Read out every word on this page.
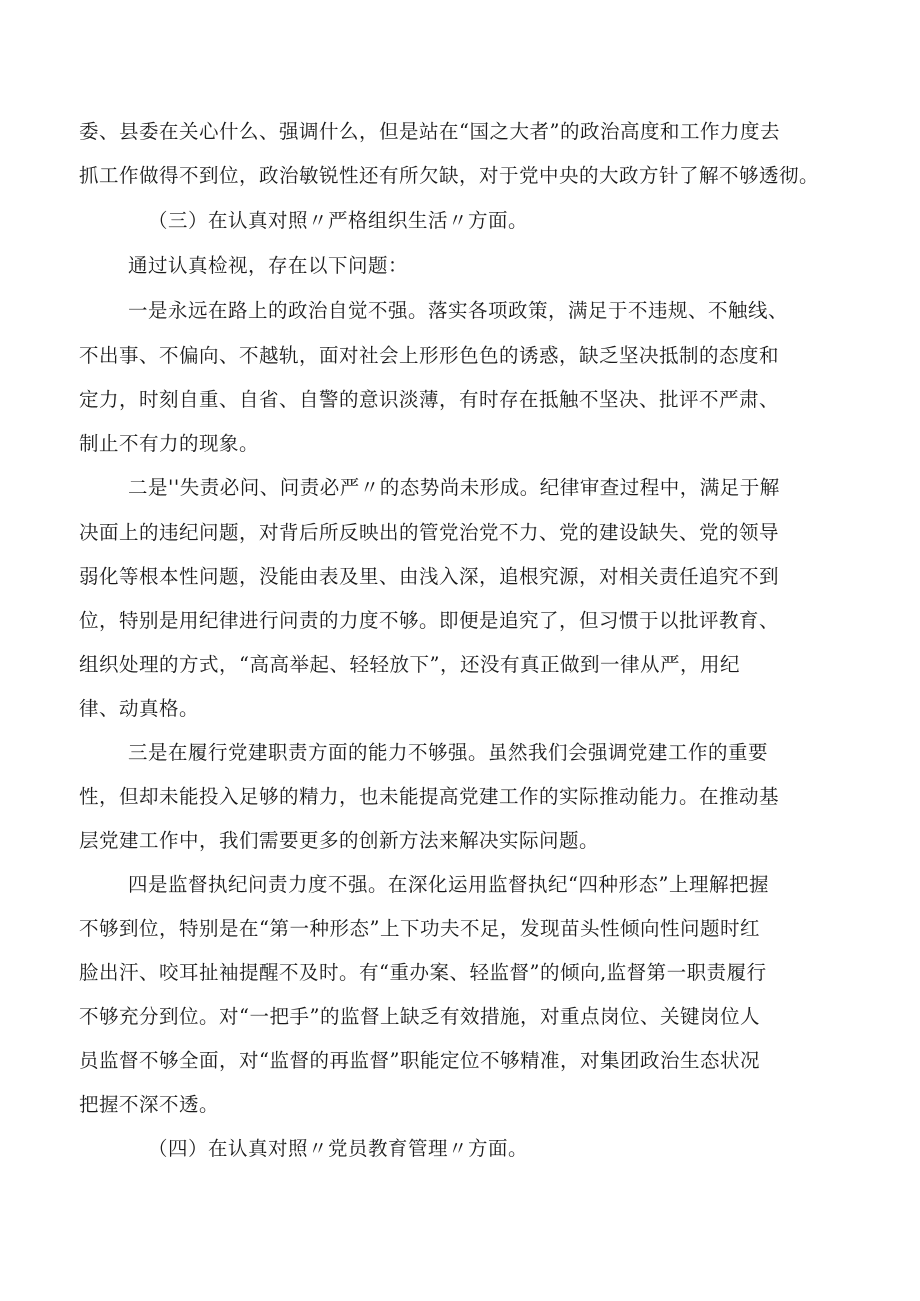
委、县委在关心什么、强调什么，但是站在“国之大者”的政治高度和工作力度去
抓工作做得不到位，政治敏锐性还有所欠缺，对于党中央的大政方针了解不够透彻。
（三）在认真对照〃严格组织生活〃方面。
通过认真检视，存在以下问题：
一是永远在路上的政治自觉不强。落实各项政策，满足于不违规、不触线、
不出事、不偏向、不越轨，面对社会上形形色色的诱惑，缺乏坚决抵制的态度和
定力，时刻自重、自省、自警的意识淡薄，有时存在抵触不坚决、批评不严肃、
制止不有力的现象。
二是''失责必问、问责必严〃的态势尚未形成。纪律审查过程中，满足于解
决面上的违纪问题，对背后所反映出的管党治党不力、党的建设缺失、党的领导
弱化等根本性问题，没能由表及里、由浅入深，追根究源，对相关责任追究不到
位，特别是用纪律进行问责的力度不够。即便是追究了，但习惯于以批评教育、
组织处理的方式，“高高举起、轻轻放下”，还没有真正做到一律从严，用纪
律、动真格。
三是在履行党建职责方面的能力不够强。虽然我们会强调党建工作的重要
性，但却未能投入足够的精力，也未能提高党建工作的实际推动能力。在推动基
层党建工作中，我们需要更多的创新方法来解决实际问题。
四是监督执纪问责力度不强。在深化运用监督执纪“四种形态”上理解把握
不够到位，特别是在“第一种形态”上下功夫不足，发现苗头性倾向性问题时红
脸出汗、咬耳扯袖提醒不及时。有“重办案、轻监督”的倾向,监督第一职责履行
不够充分到位。对“一把手”的监督上缺乏有效措施，对重点岗位、关键岗位人
员监督不够全面，对“监督的再监督”职能定位不够精准，对集团政治生态状况
把握不深不透。
（四）在认真对照〃党员教育管理〃方面。
